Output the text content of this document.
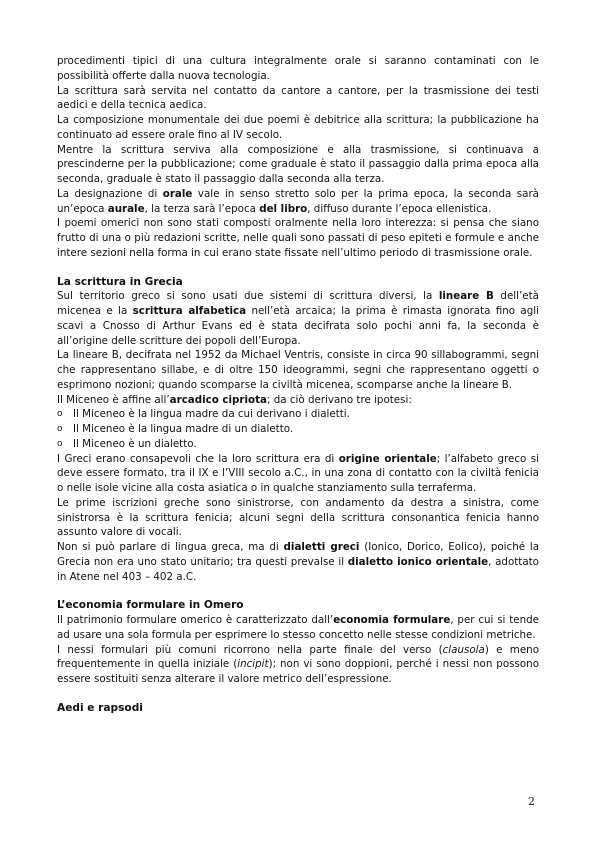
procedimenti tipici di una cultura integralmente orale si saranno contaminati con le possibilità offerte dalla nuova tecnologia.

La scrittura sarà servita nel contatto da cantore a cantore, per la trasmissione dei testi aedici e della tecnica aedica.

La composizione monumentale dei due poemi è debitrice alla scrittura; la pubblicazione ha continuato ad essere orale fino al IV secolo.

Mentre la scrittura serviva alla composizione e alla trasmissione, si continuava a prescinderne per la pubblicazione; come graduale è stato il passaggio dalla prima epoca alla seconda, graduale è stato il passaggio dalla seconda alla terza.

La designazione di orale vale in senso stretto solo per la prima epoca, la seconda sarà un’epoca aurale, la terza sarà l’epoca del libro, diffuso durante l’epoca ellenistica.

I poemi omerici non sono stati composti oralmente nella loro interezza: si pensa che siano frutto di una o più redazioni scritte, nelle quali sono passati di peso epiteti e formule e anche intere sezioni nella forma in cui erano state fissate nell’ultimo periodo di trasmissione orale.

La scrittura in Grecia

Sul territorio greco si sono usati due sistemi di scrittura diversi, la lineare B dell’età micenea e la scrittura alfabetica nell’età arcaica; la prima è rimasta ignorata fino agli scavi a Cnosso di Arthur Evans ed è stata decifrata solo pochi anni fa, la seconda è all’origine delle scritture dei popoli dell’Europa.

La lineare B, decifrata nel 1952 da Michael Ventris, consiste in circa 90 sillabogrammi, segni che rappresentano sillabe, e di oltre 150 ideogrammi, segni che rappresentano oggetti o esprimono nozioni; quando scomparse la civiltà micenea, scomparse anche la lineare B.

Il Miceneo è affine all’arcadico cipriota; da ciò derivano tre ipotesi:

o	Il Miceneo è la lingua madre da cui derivano i dialetti.
o	Il Miceneo è la lingua madre di un dialetto.
o	Il Miceneo è un dialetto.

I Greci erano consapevoli che la loro scrittura era di origine orientale; l’alfabeto greco si deve essere formato, tra il IX e l’VIII secolo a.C., in una zona di contatto con la civiltà fenicia o nelle isole vicine alla costa asiatica o in qualche stanziamento sulla terraferma.

Le prime iscrizioni greche sono sinistrorse, con andamento da destra a sinistra, come sinistrorsa è la scrittura fenicia; alcuni segni della scrittura consonantica fenicia hanno assunto valore di vocali.

Non si può parlare di lingua greca, ma di dialetti greci (Ionico, Dorico, Eolico), poiché la Grecia non era uno stato unitario; tra questi prevalse il dialetto ionico orientale, adottato in Atene nel 403 – 402 a.C.

L’economia formulare in Omero

Il patrimonio formulare omerico è caratterizzato dall’economia formulare, per cui si tende ad usare una sola formula per esprimere lo stesso concetto nelle stesse condizioni metriche.

I nessi formulari più comuni ricorrono nella parte finale del verso (clausola) e meno frequentemente in quella iniziale (incipit); non vi sono doppioni, perché i nessi non possono essere sostituiti senza alterare il valore metrico dell’espressione.

Aedi e rapsodi
2
